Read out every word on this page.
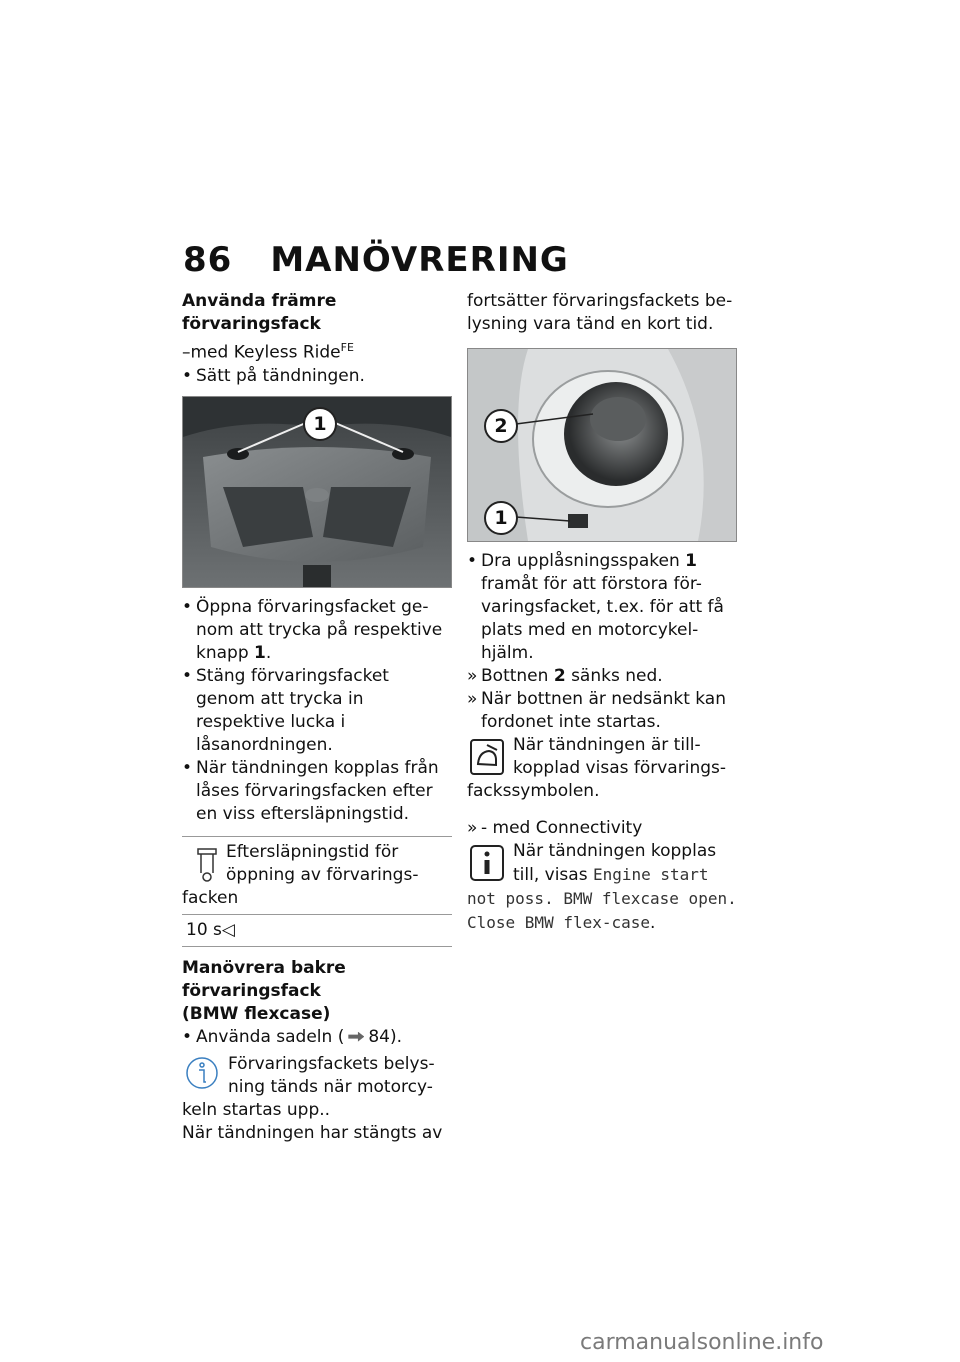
86 MANÖVRERING
Använda främre
förvaringsfack
–med Keyless Ride$^{FE}$
• Sätt på tändningen.
1
• Öppna förvaringsfacket ge-nom att trycka på respektive knapp 1.
• Stäng förvaringsfacket genom att trycka in respektive lucka i låsanordningen.
• När tändningen kopplas från låses förvaringsfacken efter en viss eftersläpningstid.
Eftersläpningstid för öppning av förvarings-facken
10 s◁
Manövrera bakre
förvaringsfack
(BMW flexcase)
• Använda sadeln ( 84).
Förvaringsfackets belys-ning tänds när motorcy-keln startas upp..
När tändningen har stängts av
fortsätter förvaringsfackets be-lysning vara tänd en kort tid.
2
1
• Dra upplåsningsspaken 1 framåt för att förstora för-varingsfacket, t.ex. för att få plats med en motorcykel-hjälm.
» Bottnen 2 sänks ned.
» När bottnen är nedsänkt kan fordonet inte startas.
När tändningen är till-kopplad visas förvarings-fackssymbolen.
» - med Connectivity
När tändningen kopplas till, visas Engine start not poss. BMW flexcase open. Close BMW flex-case.
carmanualsonline.info
